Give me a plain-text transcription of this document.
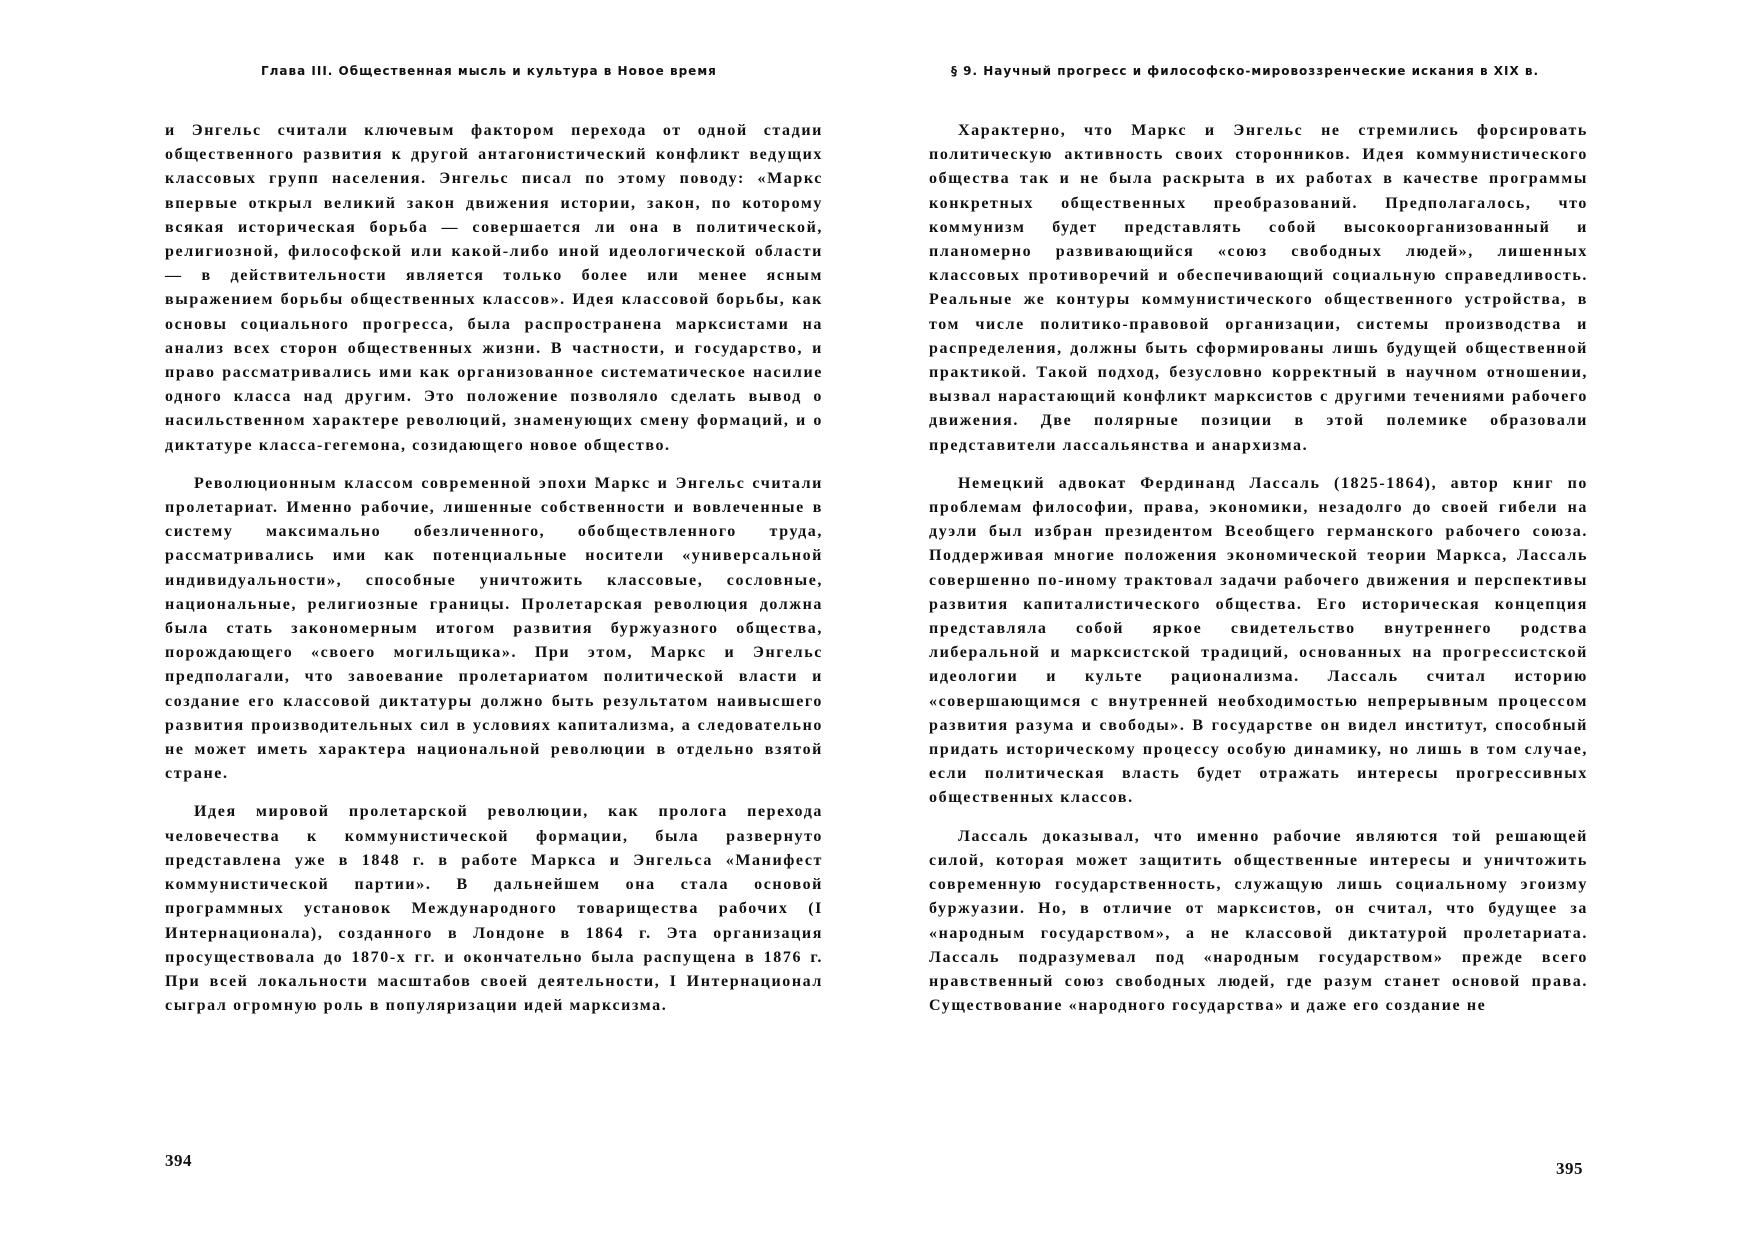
Глава III. Общественная мысль и культура в Новое время

и Энгельс считали ключевым фактором перехода от одной стадии общественного развития к другой антагонистический конфликт ведущих классовых групп населения. Энгельс писал по этому поводу: «Маркс впервые открыл великий закон движения истории, закон, по которому всякая историческая борьба — совершается ли она в политической, религиозной, философской или какой-либо иной идеологической области — в действительности является только более или менее ясным выражением борьбы общественных классов». Идея классовой борьбы, как основы социального прогресса, была распространена марксистами на анализ всех сторон общественных жизни. В частности, и государство, и право рассматривались ими как организованное систематическое насилие одного класса над другим. Это положение позволяло сделать вывод о насильственном характере революций, знаменующих смену формаций, и о диктатуре класса-гегемона, созидающего новое общество.

Революционным классом современной эпохи Маркс и Энгельс считали пролетариат. Именно рабочие, лишенные собственности и вовлеченные в систему максимально обезличенного, обобществленного труда, рассматривались ими как потенциальные носители «универсальной индивидуальности», способные уничтожить классовые, сословные, национальные, религиозные границы. Пролетарская революция должна была стать закономерным итогом развития буржуазного общества, порождающего «своего могильщика». При этом, Маркс и Энгельс предполагали, что завоевание пролетариатом политической власти и создание его классовой диктатуры должно быть результатом наивысшего развития производительных сил в условиях капитализма, а следовательно не может иметь характера национальной революции в отдельно взятой стране.

Идея мировой пролетарской революции, как пролога перехода человечества к коммунистической формации, была развернуто представлена уже в 1848 г. в работе Маркса и Энгельса «Манифест коммунистической партии». В дальнейшем она стала основой программных установок Международного товарищества рабочих (I Интернационала), созданного в Лондоне в 1864 г. Эта организация просуществовала до 1870-х гг. и окончательно была распущена в 1876 г. При всей локальности масштабов своей деятельности, I Интернационал сыграл огромную роль в популяризации идей марксизма.

394
§ 9. Научный прогресс и философско-мировоззренческие искания в XIX в.

Характерно, что Маркс и Энгельс не стремились форсировать политическую активность своих сторонников. Идея коммунистического общества так и не была раскрыта в их работах в качестве программы конкретных общественных преобразований. Предполагалось, что коммунизм будет представлять собой высокоорганизованный и планомерно развивающийся «союз свободных людей», лишенных классовых противоречий и обеспечивающий социальную справедливость. Реальные же контуры коммунистического общественного устройства, в том числе политико-правовой организации, системы производства и распределения, должны быть сформированы лишь будущей общественной практикой. Такой подход, безусловно корректный в научном отношении, вызвал нарастающий конфликт марксистов с другими течениями рабочего движения. Две полярные позиции в этой полемике образовали представители лассальянства и анархизма.

Немецкий адвокат Фердинанд Лассаль (1825-1864), автор книг по проблемам философии, права, экономики, незадолго до своей гибели на дуэли был избран президентом Всеобщего германского рабочего союза. Поддерживая многие положения экономической теории Маркса, Лассаль совершенно по-иному трактовал задачи рабочего движения и перспективы развития капиталистического общества. Его историческая концепция представляла собой яркое свидетельство внутреннего родства либеральной и марксистской традиций, основанных на прогрессистской идеологии и культе рационализма. Лассаль считал историю «совершающимся с внутренней необходимостью непрерывным процессом развития разума и свободы». В государстве он видел институт, способный придать историческому процессу особую динамику, но лишь в том случае, если политическая власть будет отражать интересы прогрессивных общественных классов.

Лассаль доказывал, что именно рабочие являются той решающей силой, которая может защитить общественные интересы и уничтожить современную государственность, служащую лишь социальному эгоизму буржуазии. Но, в отличие от марксистов, он считал, что будущее за «народным государством», а не классовой диктатурой пролетариата. Лассаль подразумевал под «народным государством» прежде всего нравственный союз свободных людей, где разум станет основой права. Существование «народного государства» и даже его создание не

395
